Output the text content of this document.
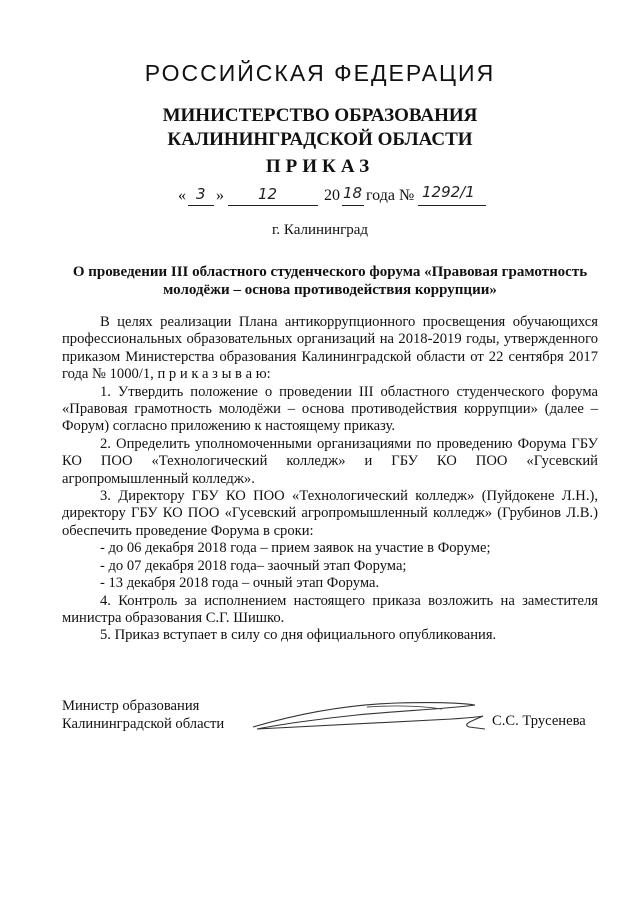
РОССИЙСКАЯ ФЕДЕРАЦИЯ
МИНИСТЕРСТВО ОБРАЗОВАНИЯ
КАЛИНИНГРАДСКОЙ ОБЛАСТИ
ПРИКАЗ
« 3 » 12	20 18 года № 1292/1
г. Калининград
О проведении III областного студенческого форума «Правовая грамотность молодёжи – основа противодействия коррупции»

В целях реализации Плана антикоррупционного просвещения обучающихся профессиональных образовательных организаций на 2018-2019 годы, утвержденного приказом Министерства образования Калининградской области от 22 сентября 2017 года № 1000/1, п р и к а з ы в а ю:

1. Утвердить положение о проведении III областного студенческого форума «Правовая грамотность молодёжи – основа противодействия коррупции» (далее – Форум) согласно приложению к настоящему приказу.

2. Определить уполномоченными организациями по проведению Форума ГБУ КО ПОО «Технологический колледж» и ГБУ КО ПОО «Гусевский агропромышленный колледж».

3. Директору ГБУ КО ПОО «Технологический колледж» (Пуйдокене Л.Н.), директору ГБУ КО ПОО «Гусевский агропромышленный колледж» (Грубинов Л.В.) обеспечить проведение Форума в сроки:

- до 06 декабря 2018 года – прием заявок на участие в Форуме;

- до 07 декабря 2018 года– заочный этап Форума;

- 13 декабря 2018 года – очный этап Форума.

4. Контроль за исполнением настоящего приказа возложить на заместителя министра образования С.Г. Шишко.

5. Приказ вступает в силу со дня официального опубликования.

Министр образования
Калининградской области	С.С. Трусенева
